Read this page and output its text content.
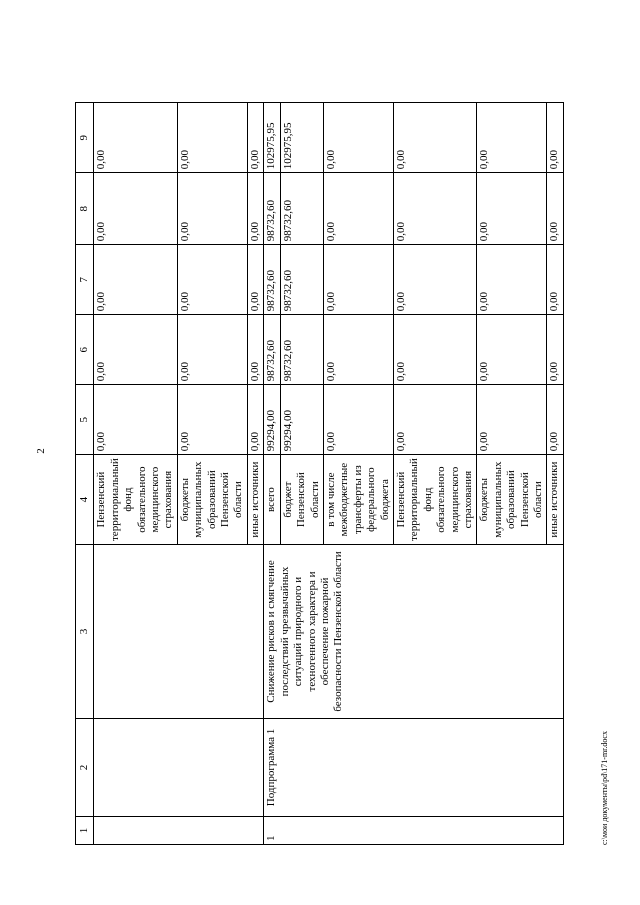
2
1	2	3	4	5	6	7	8	9
			Пензенский территориальный фонд обязательного медицинского страхования	0,00	0,00	0,00	0,00	0,00
			бюджеты муниципальных образований Пензенской области	0,00	0,00	0,00	0,00	0,00
			иные источники	0,00	0,00	0,00	0,00	0,00
1	Подпрограмма 1	Снижение рисков и смягчение последствий чрезвычайных ситуаций природного и техногенного характера и обеспечение пожарной безопасности Пензенской области	всего	99294,00	98732,60	98732,60	98732,60	102975,95
			бюджет Пензенской области	99294,00	98732,60	98732,60	98732,60	102975,95
			в том числе межбюджетные трансферты из федерального бюджета	0,00	0,00	0,00	0,00	0,00
			Пензенский территориальный фонд обязательного медицинского страхования	0,00	0,00	0,00	0,00	0,00
			бюджеты муниципальных образований Пензенской области	0,00	0,00	0,00	0,00	0,00
			иные источники	0,00	0,00	0,00	0,00	0,00
c:\мои документы\pd\171-mr.docx
